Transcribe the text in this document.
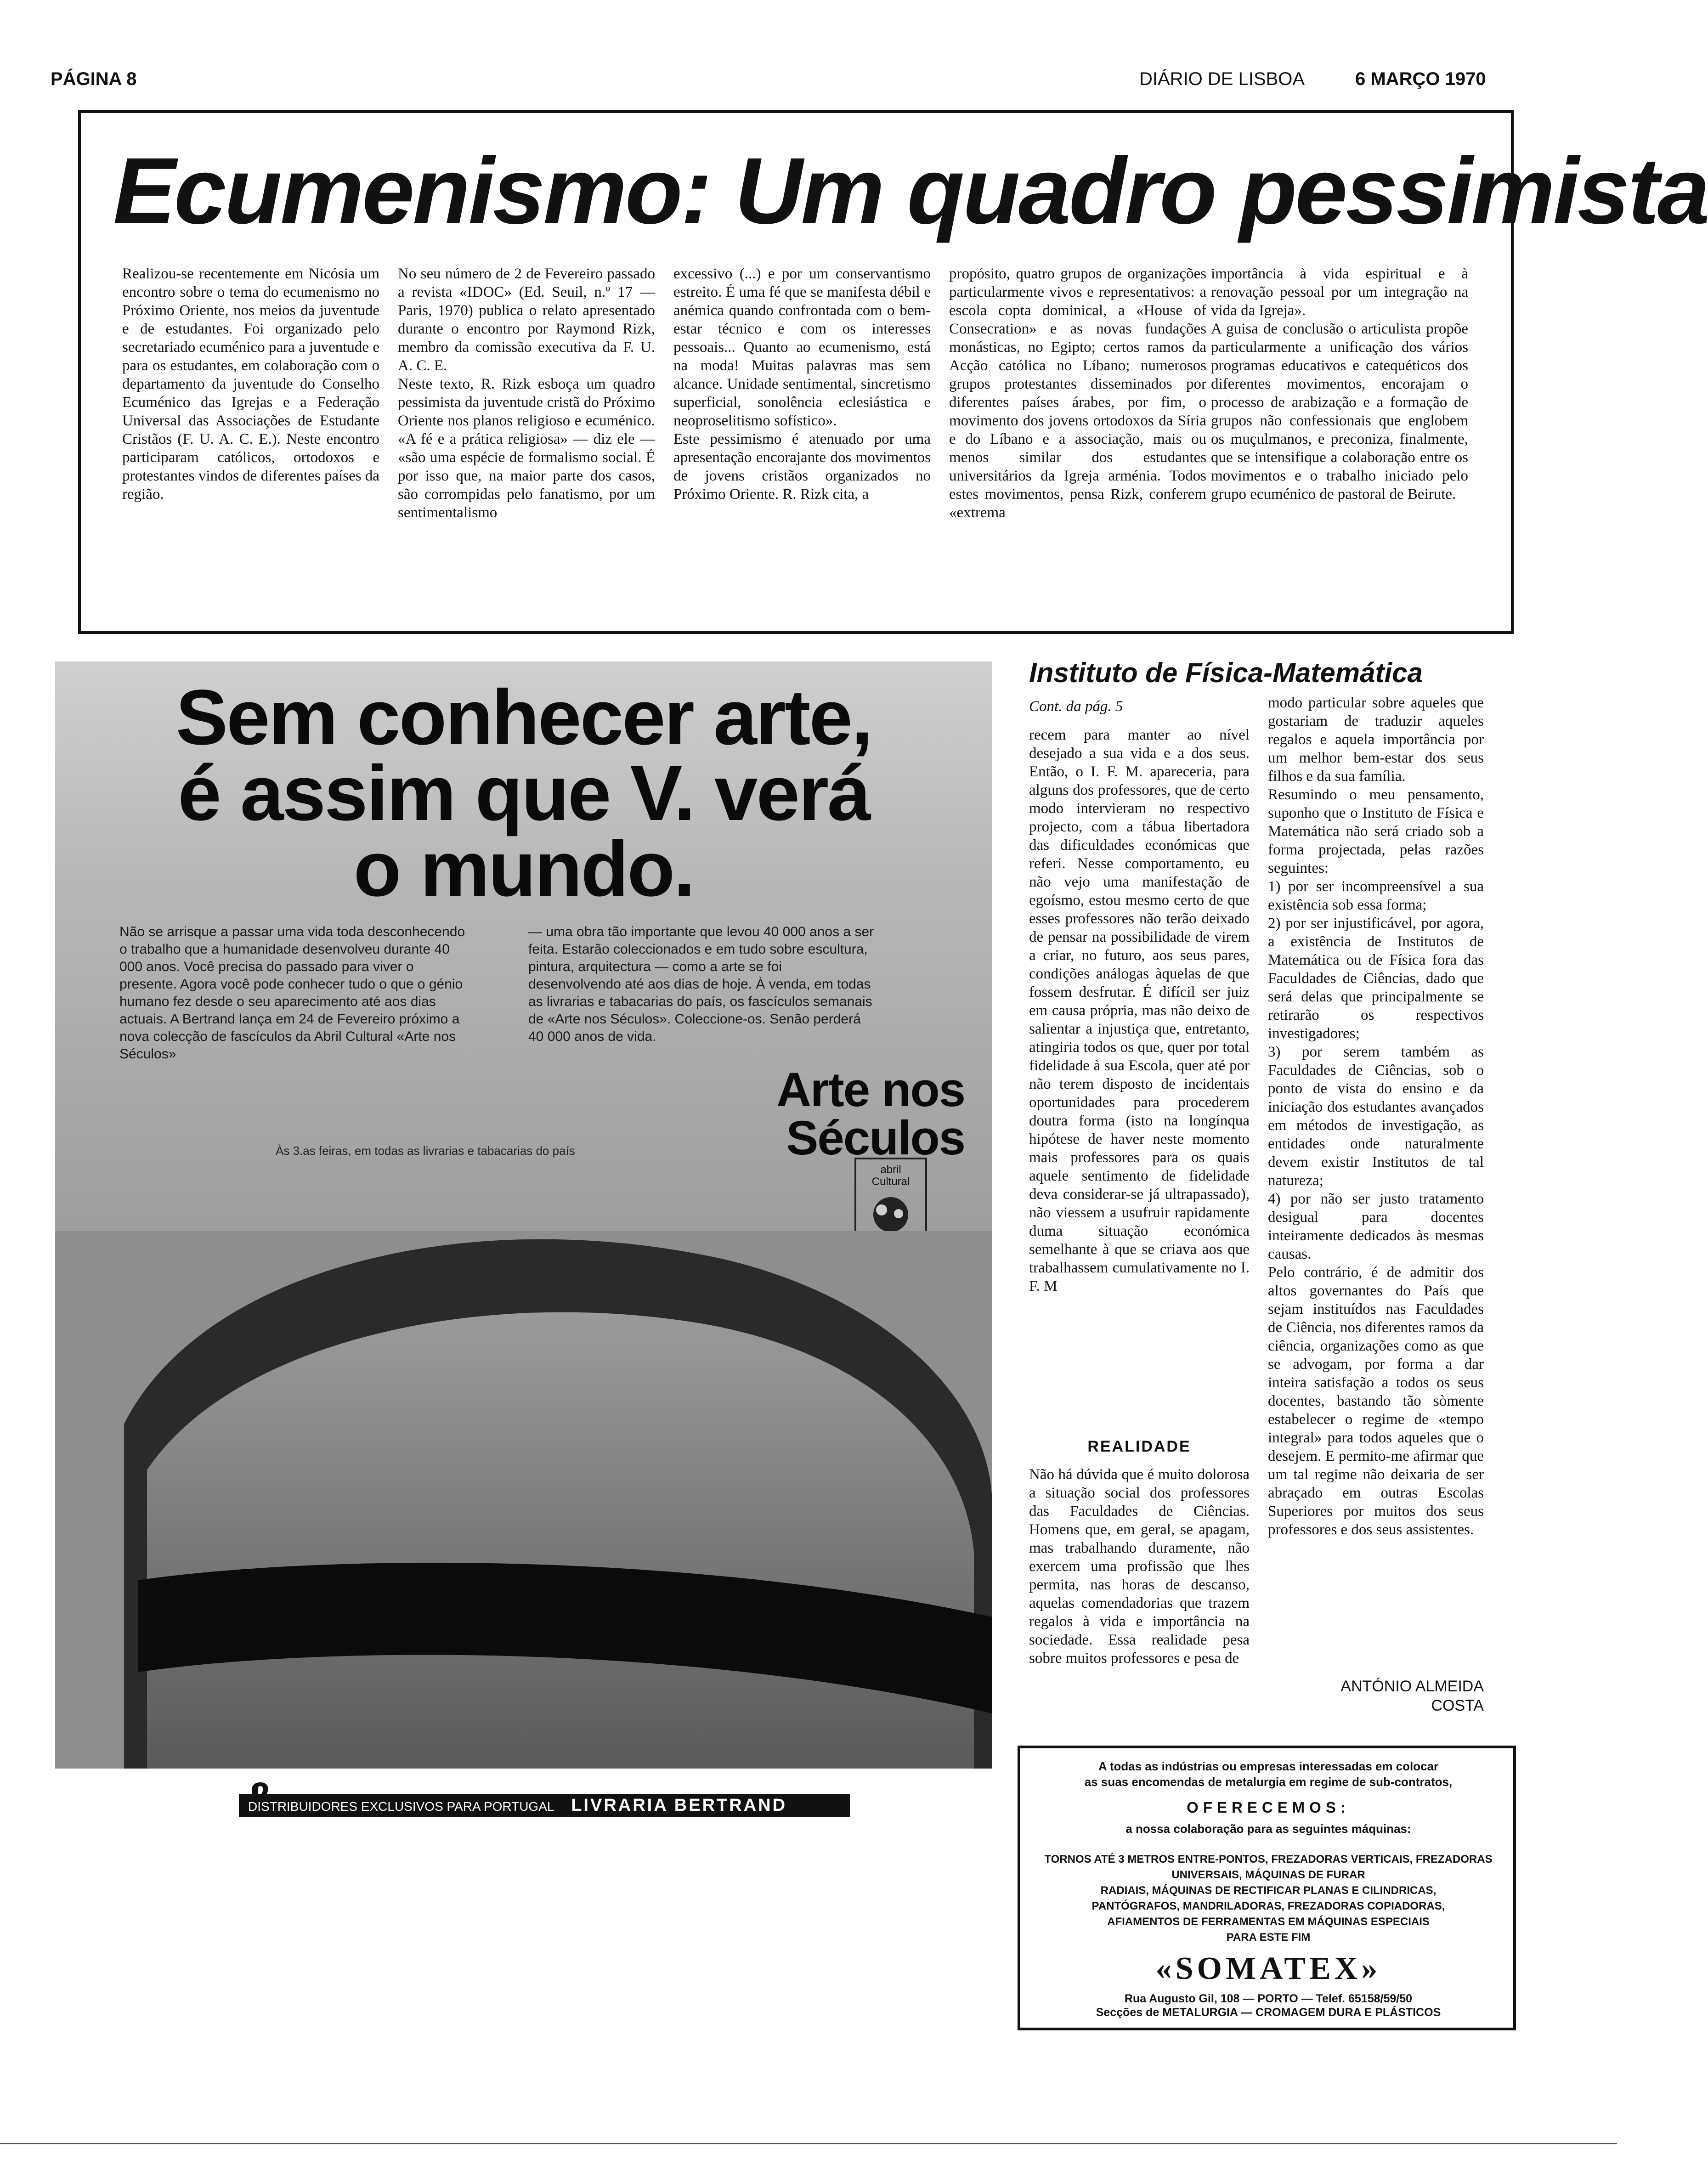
PÁGINA 8	DIÁRIO DE LISBOA	6 MARÇO 1970
Ecumenismo: Um quadro pessimista
Realizou-se recentemente em Nicósia um encontro sobre o tema do ecumenismo no Próximo Oriente, nos meios da juventude e de estudantes. Foi organizado pelo secretariado ecuménico para a juventude e para os estudantes, em colaboração com o departamento da juventude do Conselho Ecuménico das Igrejas e a Federação Universal das Associações de Estudante Cristãos (F. U. A. C. E.). Neste encontro participaram católicos, ortodoxos e protestantes vindos de diferentes países da região.
No seu número de 2 de Fevereiro passado a revista «IDOC» (Ed. Seuil, n.º 17 — Paris, 1970) publica o relato apresentado durante o encontro por Raymond Rizk, membro da comissão executiva da F. U. A. C. E.
Neste texto, R. Rizk esboça um quadro pessimista da juventude cristã do Próximo Oriente nos planos religioso e ecuménico. «A fé e a prática religiosa» — diz ele — «são uma espécie de formalismo social. É por isso que, na maior parte dos casos, são corrompidas pelo fanatismo, por um sentimentalismo
excessivo (...) e por um conservantismo estreito. É uma fé que se manifesta débil e anémica quando confrontada com o bem-estar técnico e com os interesses pessoais... Quanto ao ecumenismo, está na moda! Muitas palavras mas sem alcance. Unidade sentimental, sincretismo superficial, sonolência eclesiástica e neoproselitismo sofístico».
Este pessimismo é atenuado por uma apresentação encorajante dos movimentos de jovens cristãos organizados no Próximo Oriente. R. Rizk cita, a
propósito, quatro grupos de organizações particularmente vivos e representativos: a escola copta dominical, a «House of Consecration» e as novas fundações monásticas, no Egipto; certos ramos da Acção católica no Líbano; numerosos grupos protestantes disseminados por diferentes países árabes, por fim, o movimento dos jovens ortodoxos da Síria e do Líbano e a associação, mais ou menos similar dos estudantes universitários da Igreja arménia. Todos estes movimentos, pensa Rizk, conferem «extrema
importância à vida espiritual e à renovação pessoal por um integração na vida da Igreja».
A guisa de conclusão o articulista propõe particularmente a unificação dos vários programas educativos e catequéticos dos diferentes movimentos, encorajam o processo de arabização e a formação de grupos não confessionais que englobem os muçulmanos, e preconiza, finalmente, que se intensifique a colaboração entre os movimentos e o trabalho iniciado pelo grupo ecuménico de pastoral de Beirute.
Sem conhecer arte,
é assim que V. verá
o mundo.
Não se arrisque a passar uma vida toda desconhecendo o trabalho que a humanidade desenvolveu durante 40 000 anos. Você precisa do passado para viver o presente. Agora você pode conhecer tudo o que o génio humano fez desde o seu aparecimento até aos dias actuais. A Bertrand lança em 24 de Fevereiro próximo a nova colecção de fascículos da Abril Cultural «Arte nos Séculos»
— uma obra tão importante que levou 40 000 anos a ser feita. Estarão coleccionados e em tudo sobre escultura, pintura, arquitectura — como a arte se foi desenvolvendo até aos dias de hoje. À venda, em todas as livrarias e tabacarias do país, os fascículos semanais de «Arte nos Séculos». Coleccione-os. Senão perderá 40 000 anos de vida.
Às 3.as feiras, em todas as livrarias e tabacarias do país
Arte nos
Séculos
abril
Cultural
DISTRIBUIDORES EXCLUSIVOS PARA PORTUGAL LIVRARIA BERTRAND
Instituto de Física-Matemática
Cont. da pág. 5
recem para manter ao nível desejado a sua vida e a dos seus. Então, o I. F. M. apareceria, para alguns dos professores, que de certo modo intervieram no respectivo projecto, com a tábua libertadora das dificuldades económicas que referi. Nesse comportamento, eu não vejo uma manifestação de egoísmo, estou mesmo certo de que esses professores não terão deixado de pensar na possibilidade de virem a criar, no futuro, aos seus pares, condições análogas àquelas de que fossem desfrutar. É difícil ser juiz em causa própria, mas não deixo de salientar a injustiça que, entretanto, atingiria todos os que, quer por total fidelidade à sua Escola, quer até por não terem disposto de incidentais oportunidades para procederem doutra forma (isto na longínqua hipótese de haver neste momento mais professores para os quais aquele sentimento de fidelidade deva considerar-se já ultrapassado), não viessem a usufruir rapidamente duma situação económica semelhante à que se criava aos que trabalhassem cumulativamente no I. F. M
REALIDADE
Não há dúvida que é muito dolorosa a situação social dos professores das Faculdades de Ciências. Homens que, em geral, se apagam, mas trabalhando duramente, não exercem uma profissão que lhes permita, nas horas de descanso, aquelas comendadorias que trazem regalos à vida e importância na sociedade. Essa realidade pesa sobre muitos professores e pesa de
modo particular sobre aqueles que gostariam de traduzir aqueles regalos e aquela importância por um melhor bem-estar dos seus filhos e da sua família.
Resumindo o meu pensamento, suponho que o Instituto de Física e Matemática não será criado sob a forma projectada, pelas razões seguintes:
1) por ser incompreensível a sua existência sob essa forma;
2) por ser injustificável, por agora, a existência de Institutos de Matemática ou de Física fora das Faculdades de Ciências, dado que será delas que principalmente se retirarão os respectivos investigadores;
3) por serem também as Faculdades de Ciências, sob o ponto de vista do ensino e da iniciação dos estudantes avançados em métodos de investigação, as entidades onde naturalmente devem existir Institutos de tal natureza;
4) por não ser justo tratamento desigual para docentes inteiramente dedicados às mesmas causas.
Pelo contrário, é de admitir dos altos governantes do País que sejam instituídos nas Faculdades de Ciência, nos diferentes ramos da ciência, organizações como as que se advogam, por forma a dar inteira satisfação a todos os seus docentes, bastando tão sòmente estabelecer o regime de «tempo integral» para todos aqueles que o desejem. E permito-me afirmar que um tal regime não deixaria de ser abraçado em outras Escolas Superiores por muitos dos seus professores e dos seus assistentes.
ANTÓNIO ALMEIDA
COSTA
A todas as indústrias ou empresas interessadas em colocar
as suas encomendas de metalurgia em regime de sub-contratos,
OFERECEMOS:
a nossa colaboração para as seguintes máquinas:
TORNOS ATÉ 3 METROS ENTRE-PONTOS, FREZADORAS VERTICAIS, FREZADORAS UNIVERSAIS, MÁQUINAS DE FURAR
RADIAIS, MÁQUINAS DE RECTIFICAR PLANAS E CILINDRICAS,
PANTÓGRAFOS, MANDRILADORAS, FREZADORAS COPIADORAS,
AFIAMENTOS DE FERRAMENTAS EM MÁQUINAS ESPECIAIS
PARA ESTE FIM
«SOMATEX»
Rua Augusto Gil, 108 — PORTO — Telef. 65158/59/50
Secções de METALURGIA — CROMAGEM DURA E PLÁSTICOS
